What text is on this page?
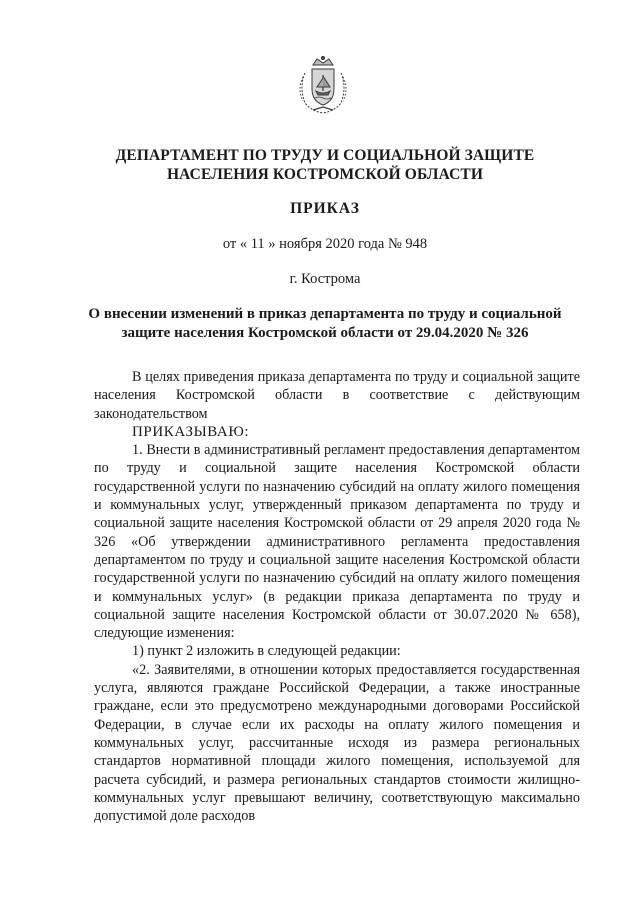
ДЕПАРТАМЕНТ ПО ТРУДУ И СОЦИАЛЬНОЙ ЗАЩИТЕ
НАСЕЛЕНИЯ КОСТРОМСКОЙ ОБЛАСТИ
ПРИКАЗ
от « 11 » ноября 2020 года № 948
г. Кострома
О внесении изменений в приказ департамента по труду и социальной
защите населения Костромской области от 29.04.2020 № 326

В целях приведения приказа департамента по труду и социальной защите населения Костромской области в соответствие с действующим законодательством

ПРИКАЗЫВАЮ:

1. Внести в административный регламент предоставления департаментом по труду и социальной защите населения Костромской области государственной услуги по назначению субсидий на оплату жилого помещения и коммунальных услуг, утвержденный приказом департамента по труду и социальной защите населения Костромской области от 29 апреля 2020 года № 326 «Об утверждении административного регламента предоставления департаментом по труду и социальной защите населения Костромской области государственной услуги по назначению субсидий на оплату жилого помещения и коммунальных услуг» (в редакции приказа департамента по труду и социальной защите населения Костромской области от 30.07.2020 № 658), следующие изменения:

1) пункт 2 изложить в следующей редакции:

«2. Заявителями, в отношении которых предоставляется государственная услуга, являются граждане Российской Федерации, а также иностранные граждане, если это предусмотрено международными договорами Российской Федерации, в случае если их расходы на оплату жилого помещения и коммунальных услуг, рассчитанные исходя из размера региональных стандартов нормативной площади жилого помещения, используемой для расчета субсидий, и размера региональных стандартов стоимости жилищно-коммунальных услуг превышают величину, соответствующую максимально допустимой доле расходов
